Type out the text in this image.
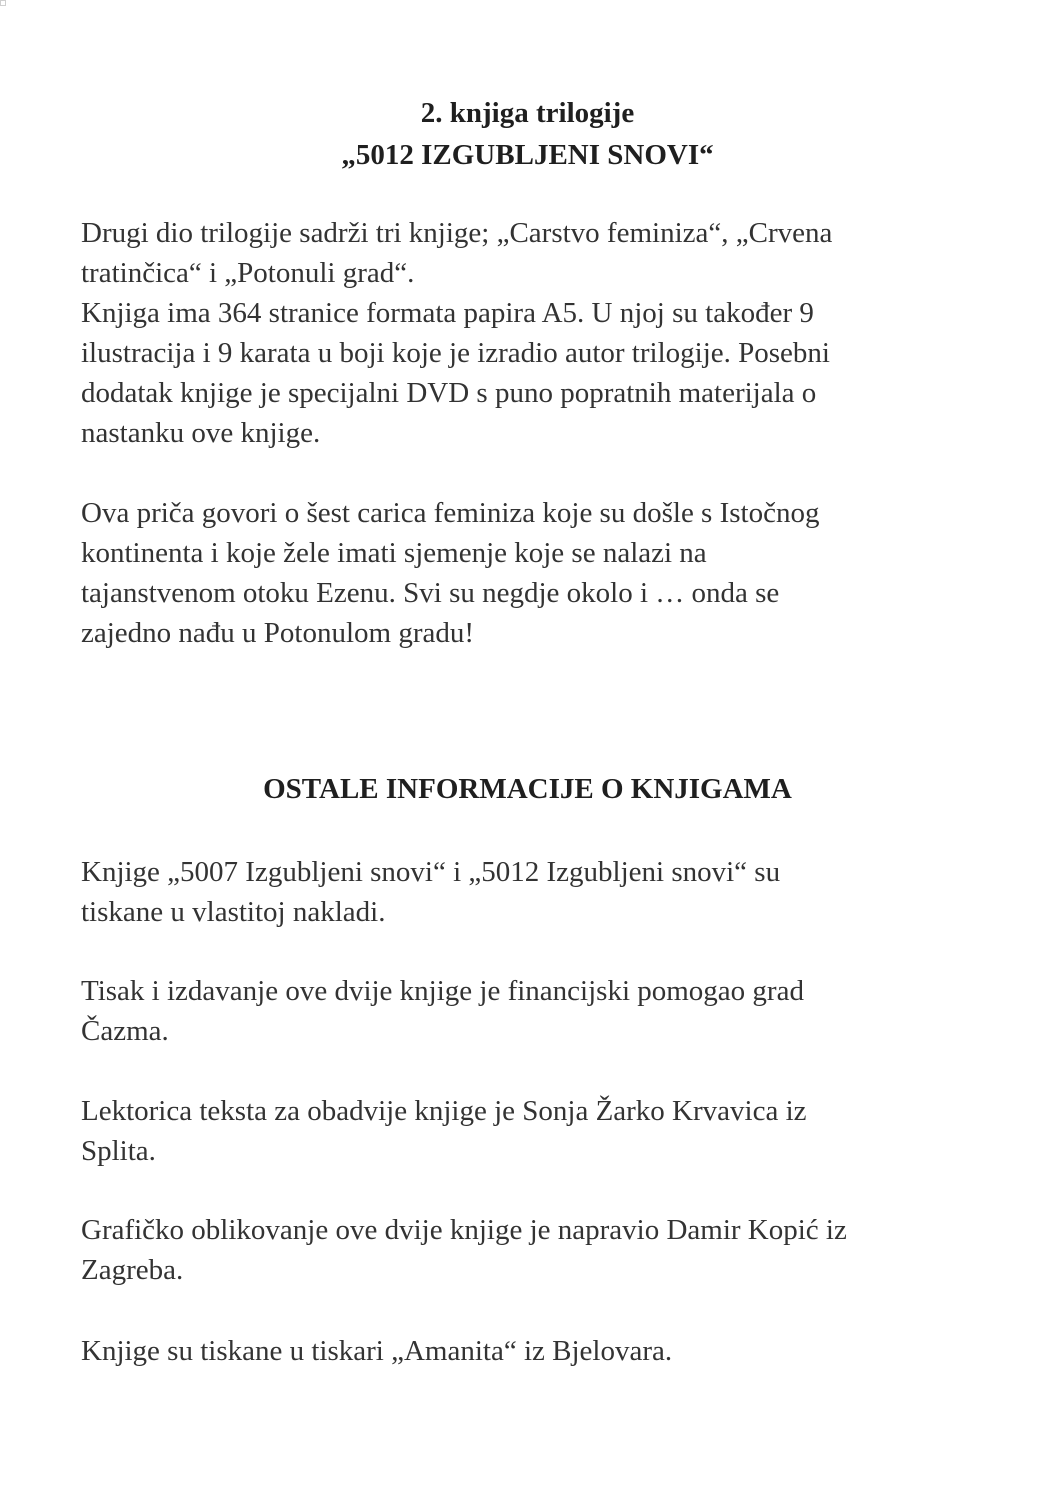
2. knjiga trilogije
„5012 IZGUBLJENI SNOVI“

Drugi dio trilogije sadrži tri knjige; „Carstvo feminiza“, „Crvena
tratinčica“ i „Potonuli grad“.
Knjiga ima 364 stranice formata papira A5. U njoj su također 9
ilustracija i 9 karata u boji koje je izradio autor trilogije. Posebni
dodatak knjige je specijalni DVD s puno popratnih materijala o
nastanku ove knjige.

Ova priča govori o šest carica feminiza koje su došle s Istočnog
kontinenta i koje žele imati sjemenje koje se nalazi na
tajanstvenom otoku Ezenu. Svi su negdje okolo i … onda se
zajedno nađu u Potonulom gradu!

OSTALE INFORMACIJE O KNJIGAMA

Knjige „5007 Izgubljeni snovi“ i „5012 Izgubljeni snovi“ su
tiskane u vlastitoj nakladi.

Tisak i izdavanje ove dvije knjige je financijski pomogao grad
Čazma.

Lektorica teksta za obadvije knjige je Sonja Žarko Krvavica iz
Splita.

Grafičko oblikovanje ove dvije knjige je napravio Damir Kopić iz
Zagreba.

Knjige su tiskane u tiskari „Amanita“ iz Bjelovara.
